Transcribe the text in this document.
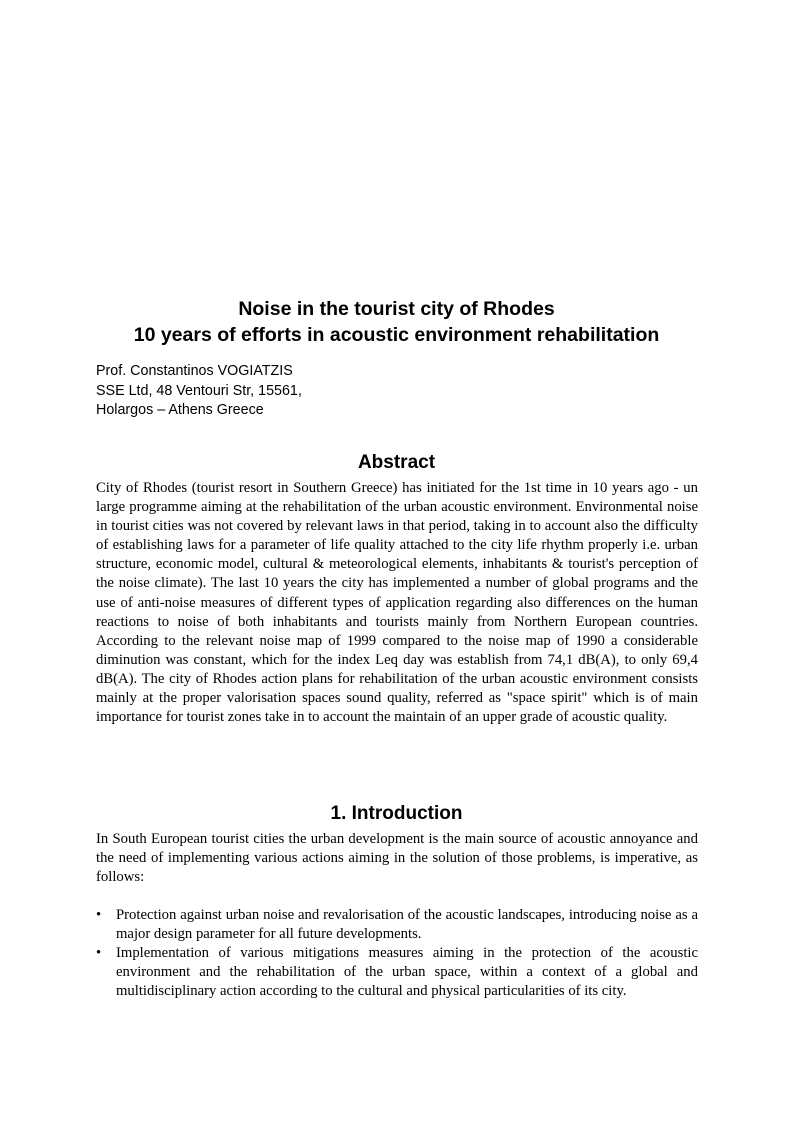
Noise in the tourist city of Rhodes
10 years of efforts in acoustic environment rehabilitation
Prof. Constantinos VOGIATZIS
SSE Ltd, 48 Ventouri Str, 15561,
Holargos – Athens Greece
Abstract

City of Rhodes (tourist resort in Southern Greece) has initiated for the 1st time in 10 years ago - un large programme aiming at the rehabilitation of the urban acoustic environment. Environmental noise in tourist cities was not covered by relevant laws in that period, taking in to account also the difficulty of establishing laws for a parameter of life quality attached to the city life rhythm properly i.e. urban structure, economic model, cultural & meteorological elements, inhabitants & tourist's perception of the noise climate). The last 10 years the city has implemented a number of global programs and the use of anti-noise measures of different types of application regarding also differences on the human reactions to noise of both inhabitants and tourists mainly from Northern European countries. According to the relevant noise map of 1999 compared to the noise map of 1990 a considerable diminution was constant, which for the index Leq day was establish from 74,1 dB(A), to only 69,4 dB(A). The city of Rhodes action plans for rehabilitation of the urban acoustic environment consists mainly at the proper valorisation spaces sound quality, referred as "space spirit" which is of main importance for tourist zones take in to account the maintain of an upper grade of acoustic quality.

1. Introduction

In South European tourist cities the urban development is the main source of acoustic annoyance and the need of implementing various actions aiming in the solution of those problems, is imperative, as follows:

•	Protection against urban noise and revalorisation of the acoustic landscapes, introducing noise as a major design parameter for all future developments.
•	Implementation of various mitigations measures aiming in the protection of the acoustic environment and the rehabilitation of the urban space, within a context of a global and multidisciplinary action according to the cultural and physical particularities of its city.
